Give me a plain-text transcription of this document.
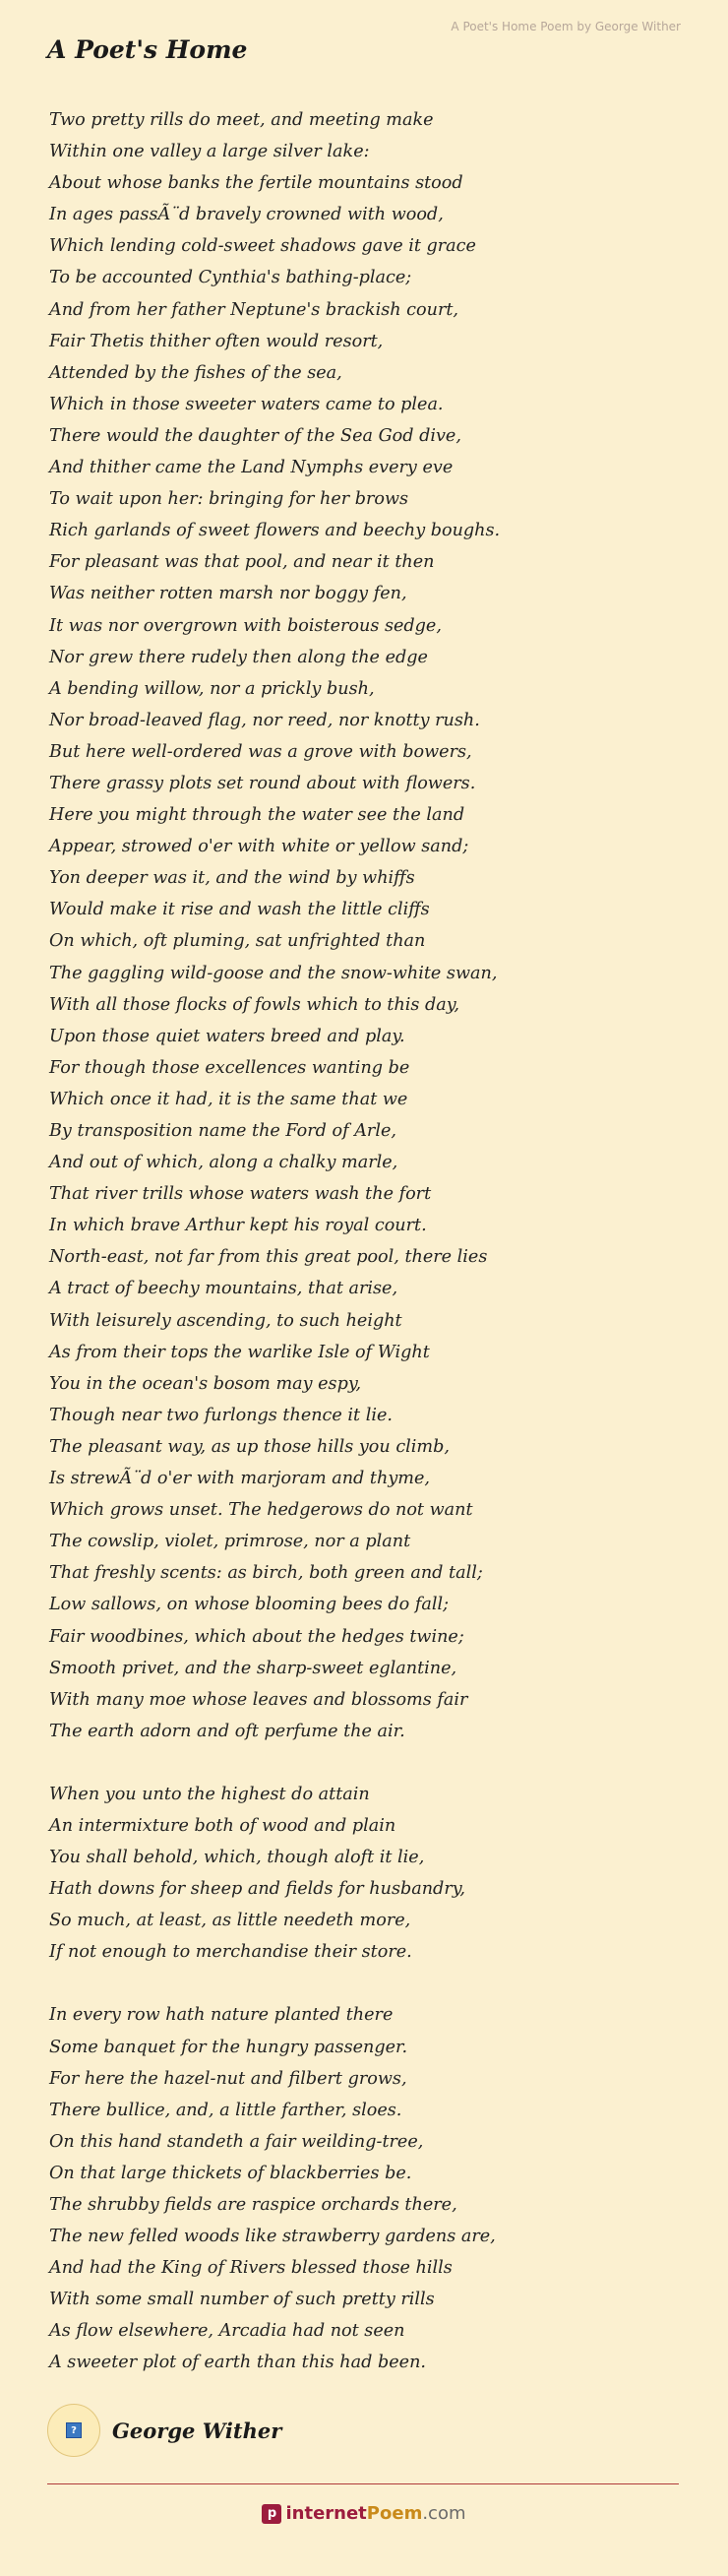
A Poet's Home Poem by George Wither
A Poet's Home
Two pretty rills do meet, and meeting make
Within one valley a large silver lake:
About whose banks the fertile mountains stood
In ages passÃ¨d bravely crowned with wood,
Which lending cold-sweet shadows gave it grace
To be accounted Cynthia's bathing-place;
And from her father Neptune's brackish court,
Fair Thetis thither often would resort,
Attended by the fishes of the sea,
Which in those sweeter waters came to plea.
There would the daughter of the Sea God dive,
And thither came the Land Nymphs every eve
To wait upon her: bringing for her brows
Rich garlands of sweet flowers and beechy boughs.
For pleasant was that pool, and near it then
Was neither rotten marsh nor boggy fen,
It was nor overgrown with boisterous sedge,
Nor grew there rudely then along the edge
A bending willow, nor a prickly bush,
Nor broad-leaved flag, nor reed, nor knotty rush.
But here well-ordered was a grove with bowers,
There grassy plots set round about with flowers.
Here you might through the water see the land
Appear, strowed o'er with white or yellow sand;
Yon deeper was it, and the wind by whiffs
Would make it rise and wash the little cliffs
On which, oft pluming, sat unfrighted than
The gaggling wild-goose and the snow-white swan,
With all those flocks of fowls which to this day,
Upon those quiet waters breed and play.
For though those excellences wanting be
Which once it had, it is the same that we
By transposition name the Ford of Arle,
And out of which, along a chalky marle,
That river trills whose waters wash the fort
In which brave Arthur kept his royal court.
North-east, not far from this great pool, there lies
A tract of beechy mountains, that arise,
With leisurely ascending, to such height
As from their tops the warlike Isle of Wight
You in the ocean's bosom may espy,
Though near two furlongs thence it lie.
The pleasant way, as up those hills you climb,
Is strewÃ¨d o'er with marjoram and thyme,
Which grows unset. The hedgerows do not want
The cowslip, violet, primrose, nor a plant
That freshly scents: as birch, both green and tall;
Low sallows, on whose blooming bees do fall;
Fair woodbines, which about the hedges twine;
Smooth privet, and the sharp-sweet eglantine,
With many moe whose leaves and blossoms fair
The earth adorn and oft perfume the air.
When you unto the highest do attain
An intermixture both of wood and plain
You shall behold, which, though aloft it lie,
Hath downs for sheep and fields for husbandry,
So much, at least, as little needeth more,
If not enough to merchandise their store.
In every row hath nature planted there
Some banquet for the hungry passenger.
For here the hazel-nut and filbert grows,
There bullice, and, a little farther, sloes.
On this hand standeth a fair weilding-tree,
On that large thickets of blackberries be.
The shrubby fields are raspice orchards there,
The new felled woods like strawberry gardens are,
And had the King of Rivers blessed those hills
With some small number of such pretty rills
As flow elsewhere, Arcadia had not seen
A sweeter plot of earth than this had been.
? George Wither
p internetPoem.com
